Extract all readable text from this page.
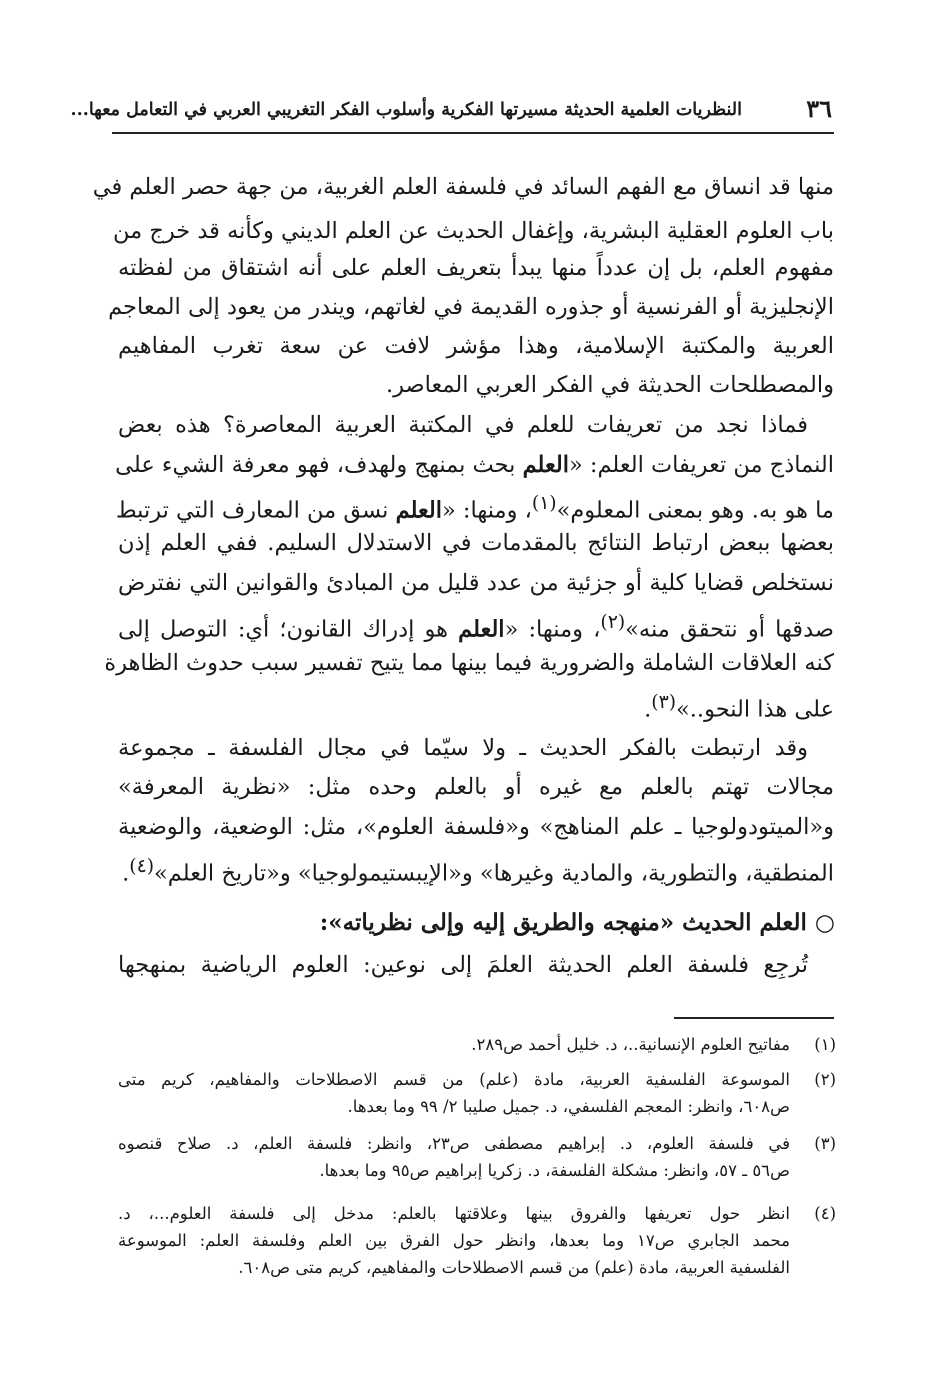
٣٦
النظريات العلمية الحديثة مسيرتها الفكرية وأسلوب الفكر التغريبي العربي في التعامل معها...
منها قد انساق مع الفهم السائد في فلسفة العلم الغربية، من جهة حصر العلم في
باب العلوم العقلية البشرية، وإغفال الحديث عن العلم الديني وكأنه قد خرج من
مفهوم العلم، بل إن عدداً منها يبدأ بتعريف العلم على أنه اشتقاق من لفظته
الإنجليزية أو الفرنسية أو جذوره القديمة في لغاتهم، ويندر من يعود إلى المعاجم
العربية والمكتبة الإسلامية، وهذا مؤشر لافت عن سعة تغرب المفاهيم
والمصطلحات الحديثة في الفكر العربي المعاصر.
فماذا نجد من تعريفات للعلم في المكتبة العربية المعاصرة؟ هذه بعض
النماذج من تعريفات العلم: «العلم بحث بمنهج ولهدف، فهو معرفة الشيء على
ما هو به. وهو بمعنى المعلوم»$^{(١)}$، ومنها: «العلم نسق من المعارف التي ترتبط
بعضها ببعض ارتباط النتائج بالمقدمات في الاستدلال السليم. ففي العلم إذن
نستخلص قضايا كلية أو جزئية من عدد قليل من المبادئ والقوانين التي نفترض
صدقها أو نتحقق منه»$^{(٢)}$، ومنها: «العلم هو إدراك القانون؛ أي: التوصل إلى
كنه العلاقات الشاملة والضرورية فيما بينها مما يتيح تفسير سبب حدوث الظاهرة
على هذا النحو..»$^{(٣)}$.
وقد ارتبطت بالفكر الحديث ـ ولا سيّما في مجال الفلسفة ـ مجموعة
مجالات تهتم بالعلم مع غيره أو بالعلم وحده مثل: «نظرية المعرفة»
و«الميتودولوجيا ـ علم المناهج» و«فلسفة العلوم»، مثل: الوضعية، والوضعية
المنطقية، والتطورية، والمادية وغيرها» و«الإيبستيمولوجيا» و«تاريخ العلم»$^{(٤)}$.
○ العلم الحديث «منهجه والطريق إليه وإلى نظرياته»:
تُرجِع فلسفة العلم الحديثة العلمَ إلى نوعين: العلوم الرياضية بمنهجها
(١)
مفاتيح العلوم الإنسانية..، د. خليل أحمد ص٢٨٩.
(٢)
الموسوعة الفلسفية العربية، مادة (علم) من قسم الاصطلاحات والمفاهيم، كريم متى
ص٦٠٨، وانظر: المعجم الفلسفي، د. جميل صليبا ٢/ ٩٩ وما بعدها.
(٣)
في فلسفة العلوم، د. إبراهيم مصطفى ص٢٣، وانظر: فلسفة العلم، د. صلاح قنصوه
ص٥٦ ـ ٥٧، وانظر: مشكلة الفلسفة، د. زكريا إبراهيم ص٩٥ وما بعدها.
(٤)
انظر حول تعريفها والفروق بينها وعلاقتها بالعلم: مدخل إلى فلسفة العلوم...، د.
محمد الجابري ص١٧ وما بعدها، وانظر حول الفرق بين العلم وفلسفة العلم: الموسوعة
الفلسفية العربية، مادة (علم) من قسم الاصطلاحات والمفاهيم، كريم متى ص٦٠٨.
